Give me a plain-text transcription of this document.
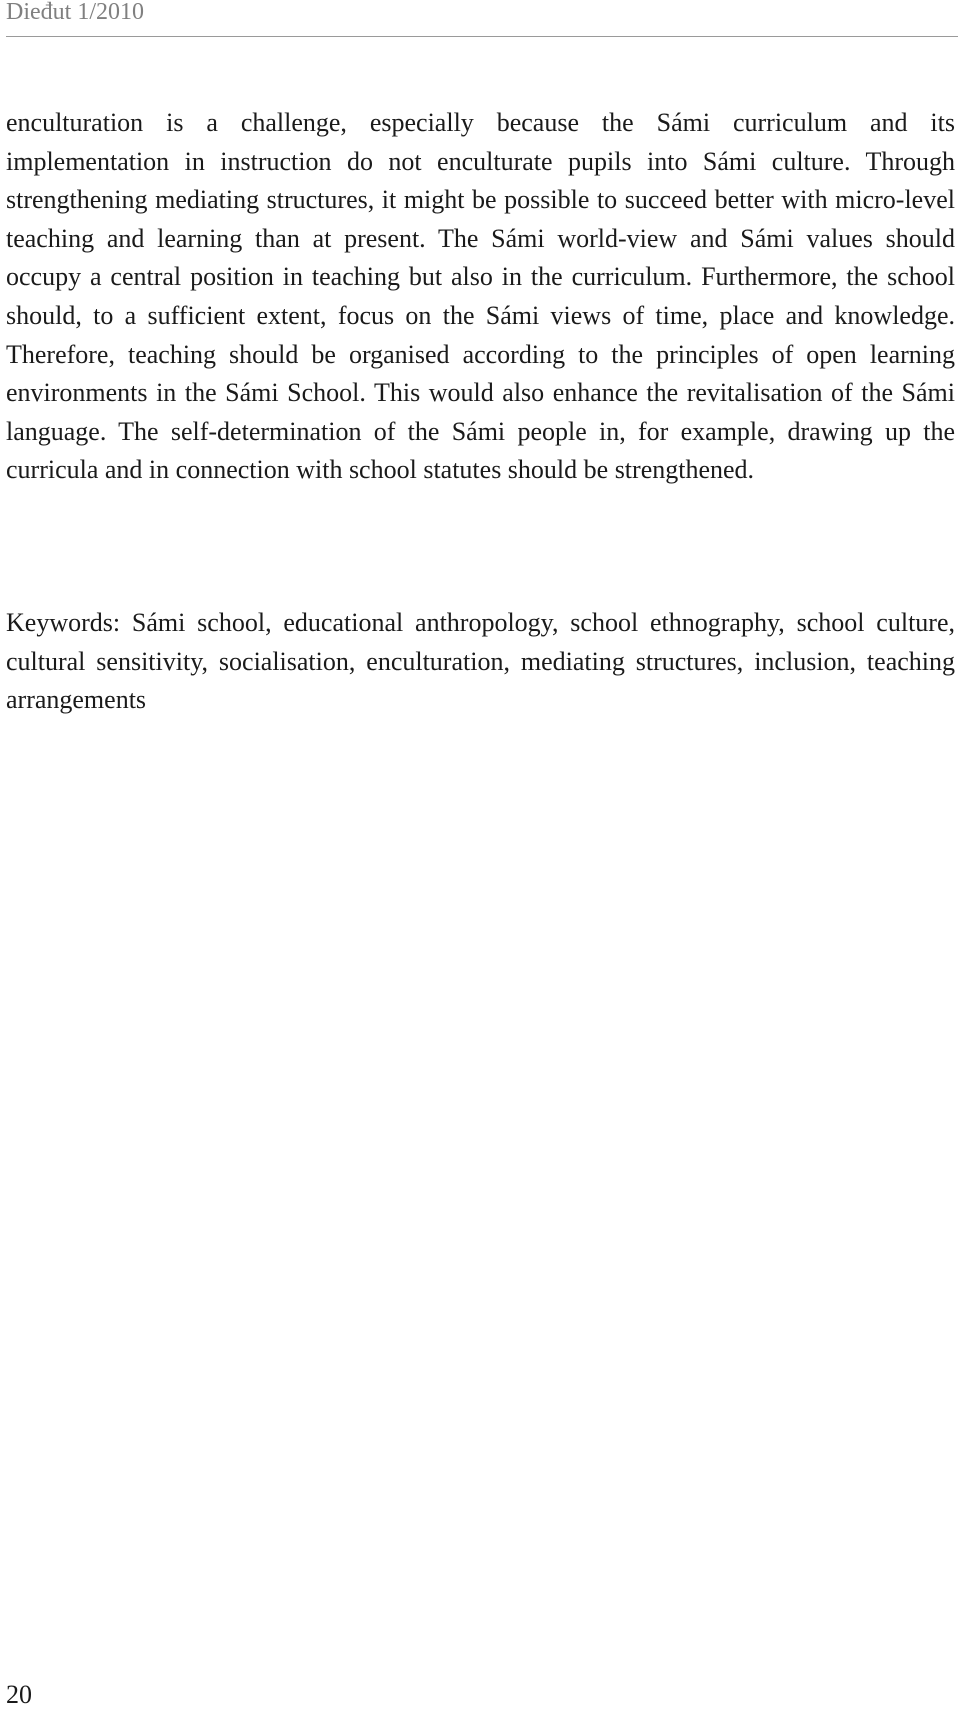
Dieđut 1/2010

enculturation is a challenge, especially because the Sámi curriculum and its implementation in instruction do not enculturate pupils into Sámi culture. Through strengthening mediating structures, it might be possible to succeed better with micro-level teaching and learning than at present. The Sámi world-view and Sámi values should occupy a central position in teaching but also in the curriculum. Furthermore, the school should, to a sufficient extent, focus on the Sámi views of time, place and knowledge. Therefore, teaching should be organised according to the principles of open learning environments in the Sámi School. This would also enhance the revitalisation of the Sámi language. The self-determination of the Sámi people in, for example, drawing up the curricula and in connection with school statutes should be strengthened.

Keywords: Sámi school, educational anthropology, school ethnography, school culture, cultural sensitivity, socialisation, enculturation, mediating structures, inclusion, teaching arrangements

20
